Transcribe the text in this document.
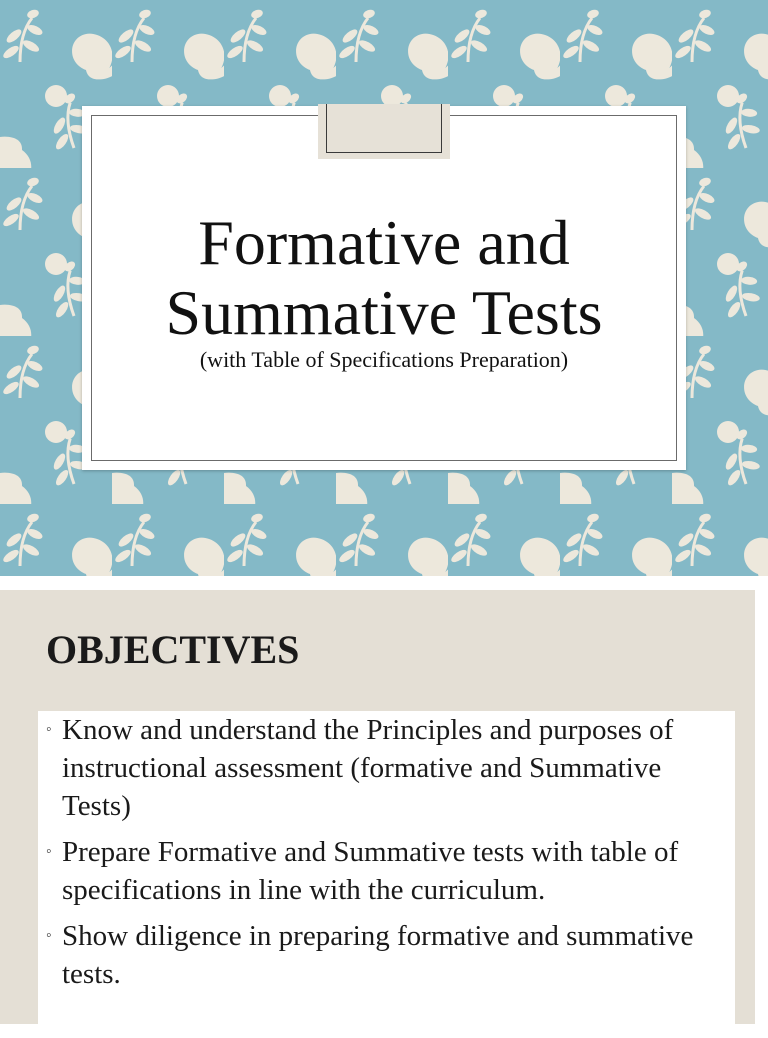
Formative and
Summative Tests
(with Table of Specifications Preparation)
OBJECTIVES
◦ Know and understand the Principles and purposes of instructional assessment (formative and Summative Tests)
◦ Prepare Formative and Summative tests with table of specifications in line with the curriculum.
◦ Show diligence in preparing formative and summative tests.
